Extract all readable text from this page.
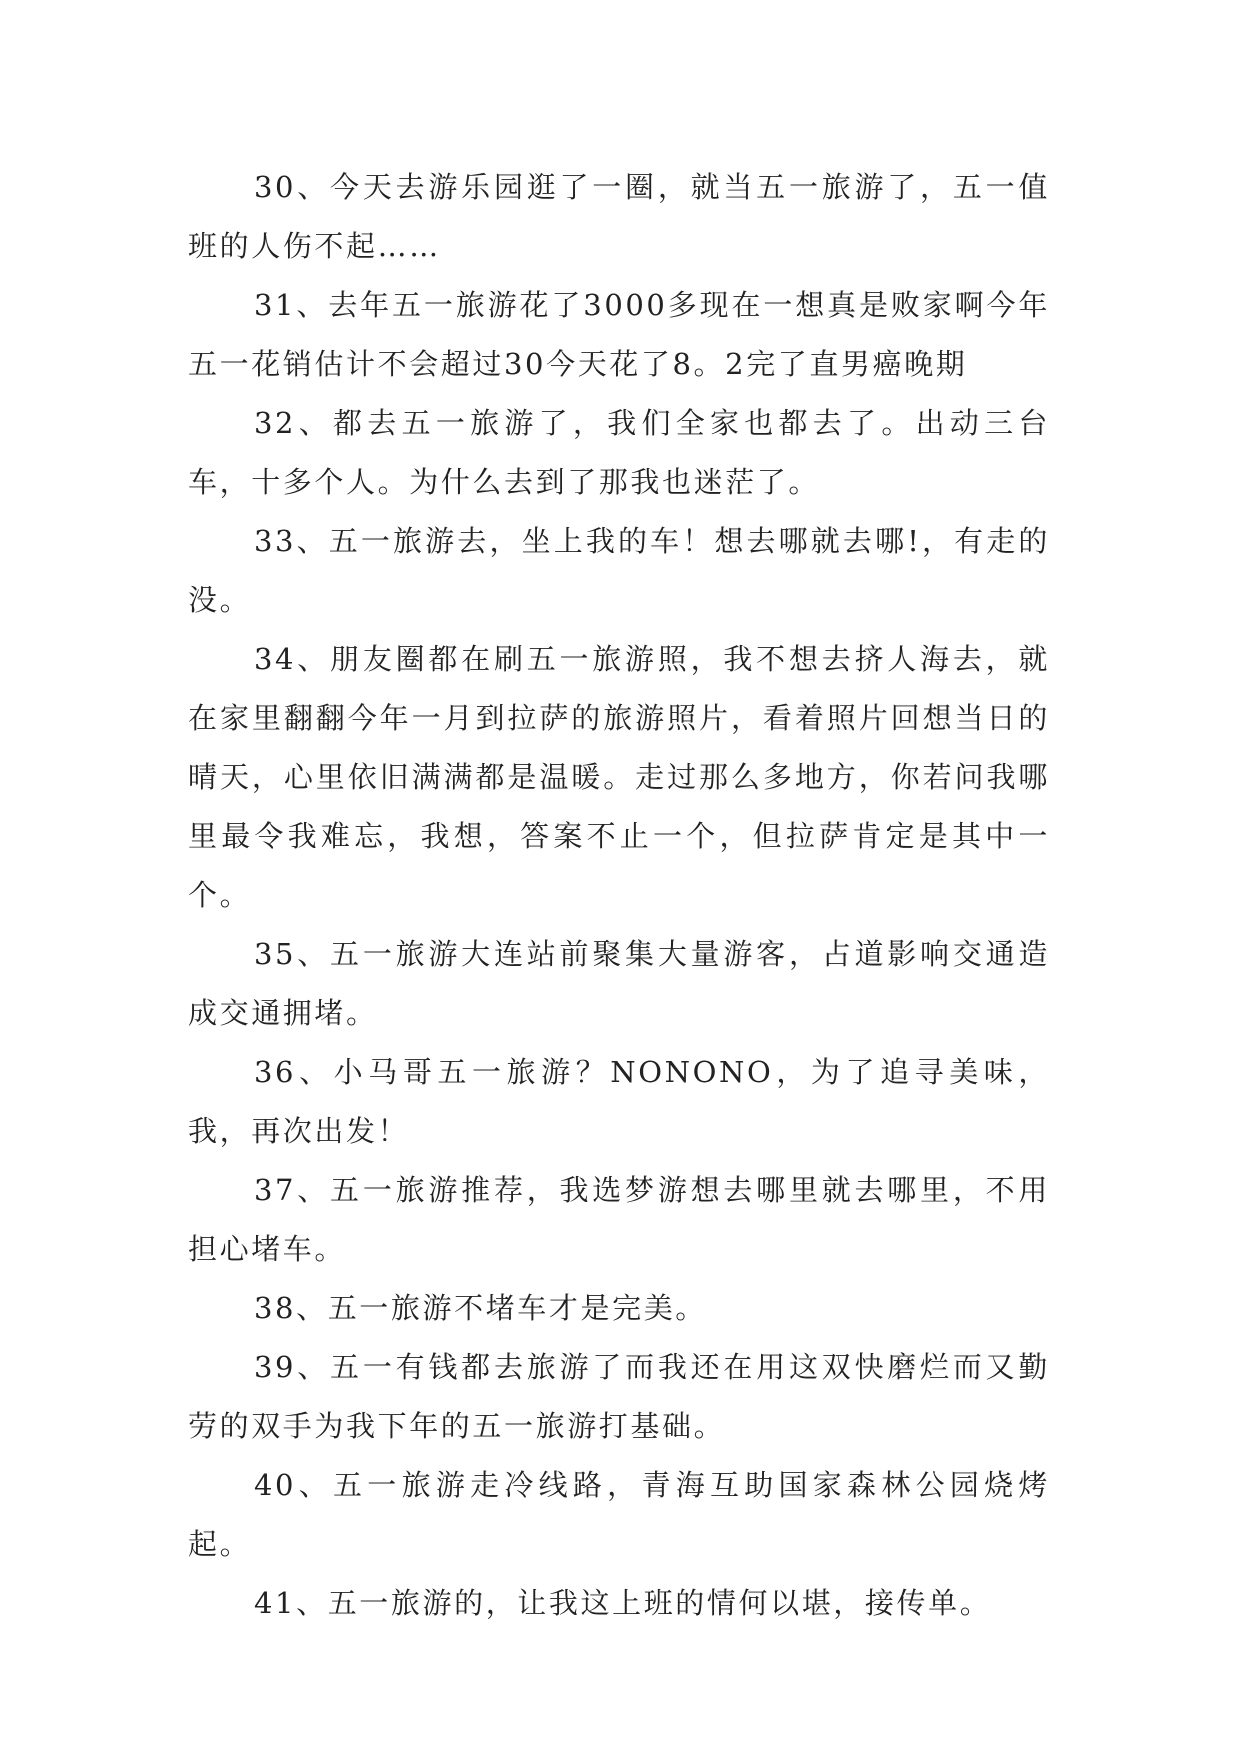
30、今天去游乐园逛了一圈，就当五一旅游了，五一值班的人伤不起……

31、去年五一旅游花了3000多现在一想真是败家啊今年五一花销估计不会超过30今天花了8。2完了直男癌晚期

32、都去五一旅游了，我们全家也都去了。出动三台车，十多个人。为什么去到了那我也迷茫了。

33、五一旅游去，坐上我的车！想去哪就去哪!，有走的没。

34、朋友圈都在刷五一旅游照，我不想去挤人海去，就在家里翻翻今年一月到拉萨的旅游照片，看着照片回想当日的晴天，心里依旧满满都是温暖。走过那么多地方，你若问我哪里最令我难忘，我想，答案不止一个，但拉萨肯定是其中一个。

35、五一旅游大连站前聚集大量游客，占道影响交通造成交通拥堵。

36、小马哥五一旅游？NONONO，为了追寻美味，我，再次出发！

37、五一旅游推荐，我选梦游想去哪里就去哪里，不用担心堵车。

38、五一旅游不堵车才是完美。

39、五一有钱都去旅游了而我还在用这双快磨烂而又勤劳的双手为我下年的五一旅游打基础。

40、五一旅游走冷线路，青海互助国家森林公园烧烤起。

41、五一旅游的，让我这上班的情何以堪，接传单。
